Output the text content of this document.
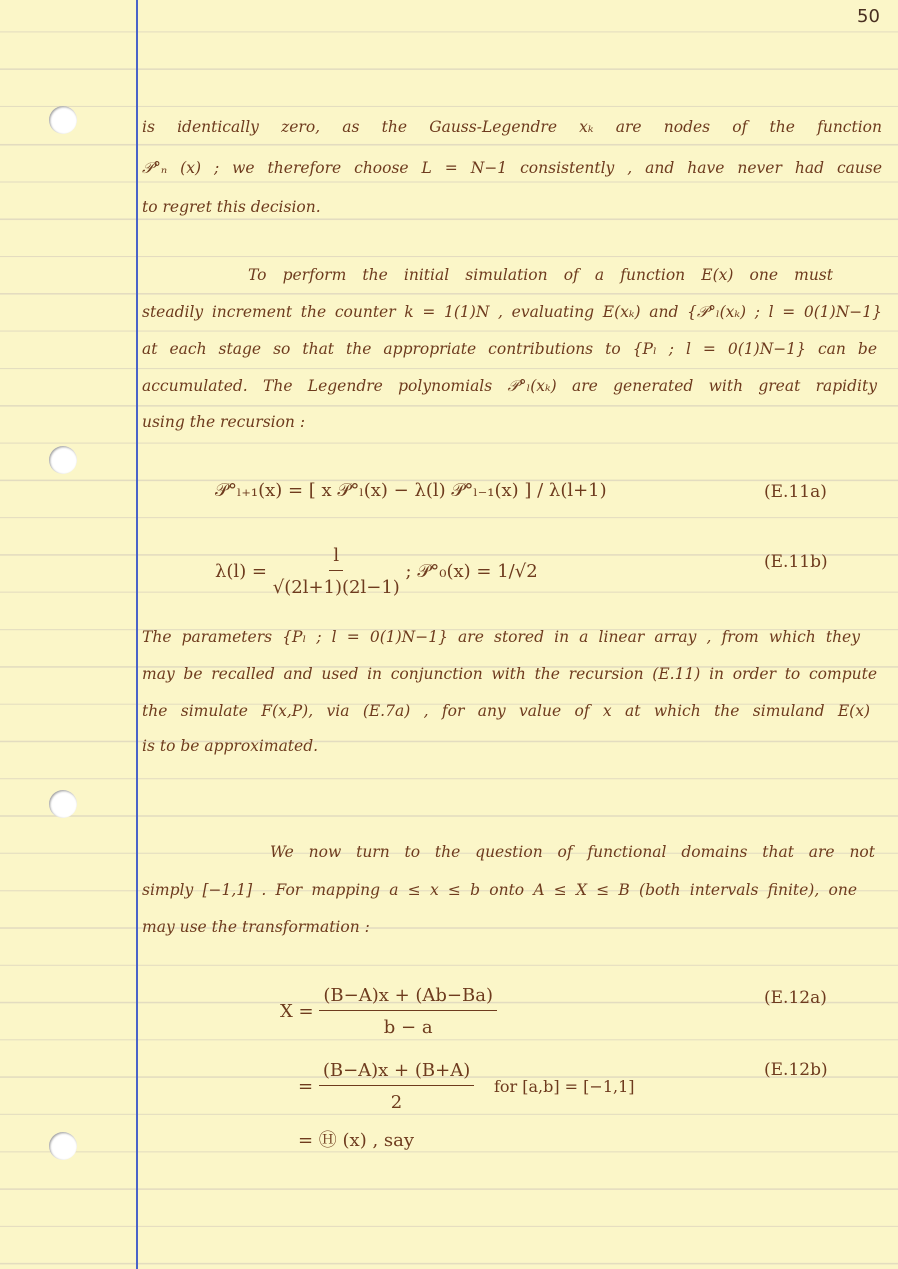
50
is identically zero, as the Gauss-Legendre xₖ are nodes of the function
𝒫°ₙ (x) ; we therefore choose L = N−1 consistently , and have never had cause
to regret this decision.
To perform the initial simulation of a function E(x) one must
steadily increment the counter k = 1(1)N , evaluating E(xₖ) and {𝒫°ₗ(xₖ) ; l = 0(1)N−1}
at each stage so that the appropriate contributions to {Pₗ ; l = 0(1)N−1} can be
accumulated. The Legendre polynomials 𝒫°ₗ(xₖ) are generated with great rapidity
using the recursion :
𝒫°ₗ₊₁(x) = [ x 𝒫°ₗ(x) − λ(l) 𝒫°ₗ₋₁(x) ] / λ(l+1)	(E.11a)
$\lambda(l) = \frac{l}{√(2l+1)(2l-1)}$ ; 𝒫°₀(x) = 1/√2	(E.11b)
The parameters {Pₗ ; l = 0(1)N−1} are stored in a linear array , from which they
may be recalled and used in conjunction with the recursion (E.11) in order to compute
the simulate F(x,P), via (E.7a) , for any value of x at which the simuland E(x)
is to be approximated.
We now turn to the question of functional domains that are not
simply [−1,1] . For mapping a ≤ x ≤ b onto A ≤ X ≤ B (both intervals finite), one
may use the transformation :
$X = \frac{(B-A)x + (Ab-Ba)}{b - a}$	(E.12a)
= $\frac{(B-A)x + (B+A)}{2}$ for [a,b] = [−1,1]
(E.12b)
= Ⓗ (x) , say
